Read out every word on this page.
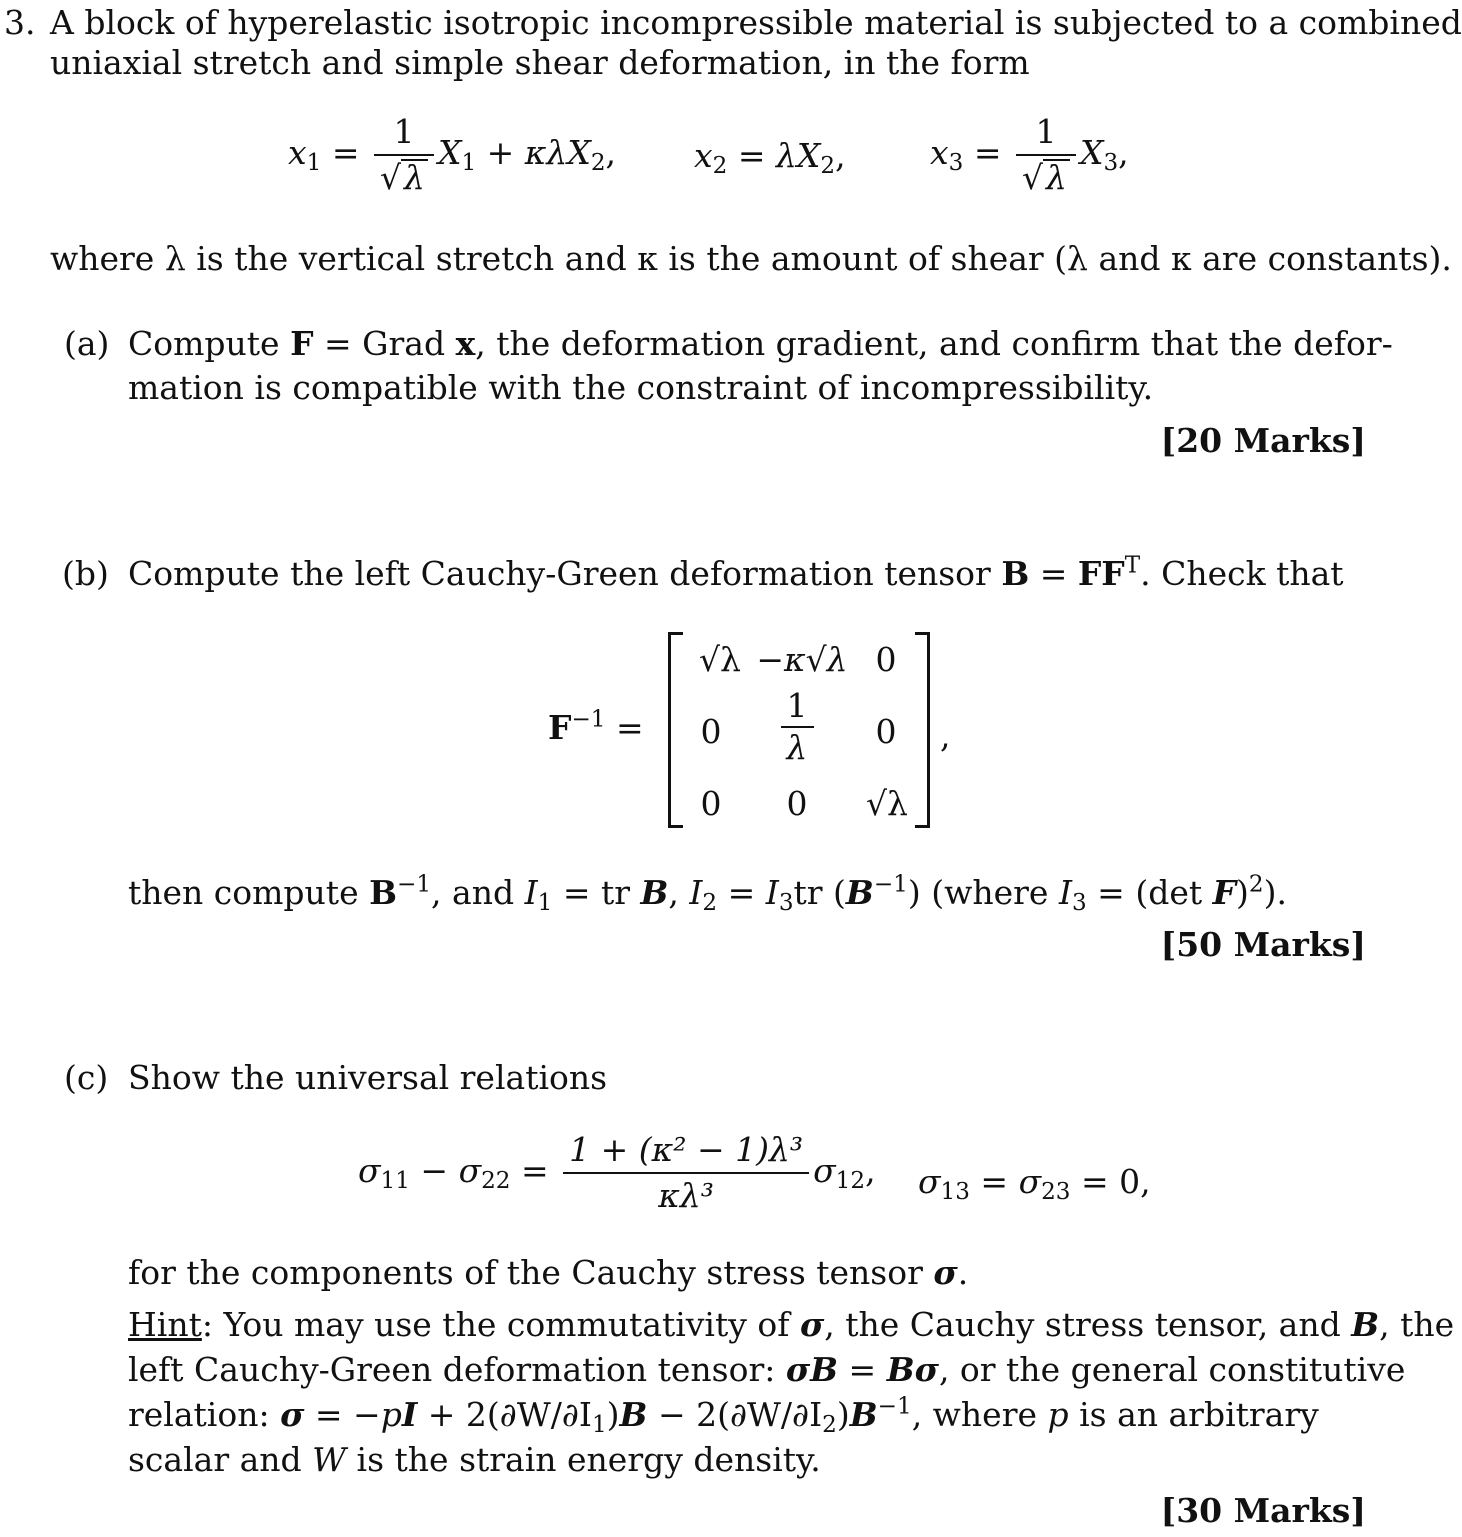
3. A block of hyperelastic isotropic incompressible material is subjected to a combined
uniaxial stretch and simple shear deformation, in the form
$x_1 = \frac{1}{√\lambda} X_1 + \kappa\lambda X_2$, $x_2 = \lambda X_2$,	$x_3 = \frac{1}{√\lambda} X_3$,
where λ is the vertical stretch and κ is the amount of shear (λ and κ are constants).
(a) Compute F = Grad x, the deformation gradient, and confirm that the defor-
mation is compatible with the constraint of incompressibility.
[20 Marks]
(b) Compute the left Cauchy-Green deformation tensor $B = FF^T$. Check that
$F^{-1}$ =
√λ −κ√λ 0
0	$\frac{1}{\lambda}$	0
0	0	√λ
,
then compute $B^{-1}$, and $I_1$ = tr B, $I_2 = I_3tr$ $(B^{-1})$ (where $I_3 = (\det$ F)$^2$).
[50 Marks]
(c) Show the universal relations
$\sigma_{11} - \sigma_{22} = \frac{\text{1 + (κ² − 1)λ³}}{\text{κλ³}} \sigma_{12}$, $\sigma_{13} = \sigma_{23} = 0$,
for the components of the Cauchy stress tensor σ.
Hint: You may use the commutativity of σ, the Cauchy stress tensor, and B, the
left Cauchy-Green deformation tensor: σB = Bσ, or the general constitutive
relation: $\sigma = -pI + 2(\partial W/\partial I_1)B - 2(\partial W/\partial I_2)B^{-1}$, where p is an arbitrary
scalar and W is the strain energy density.
[30 Marks]
